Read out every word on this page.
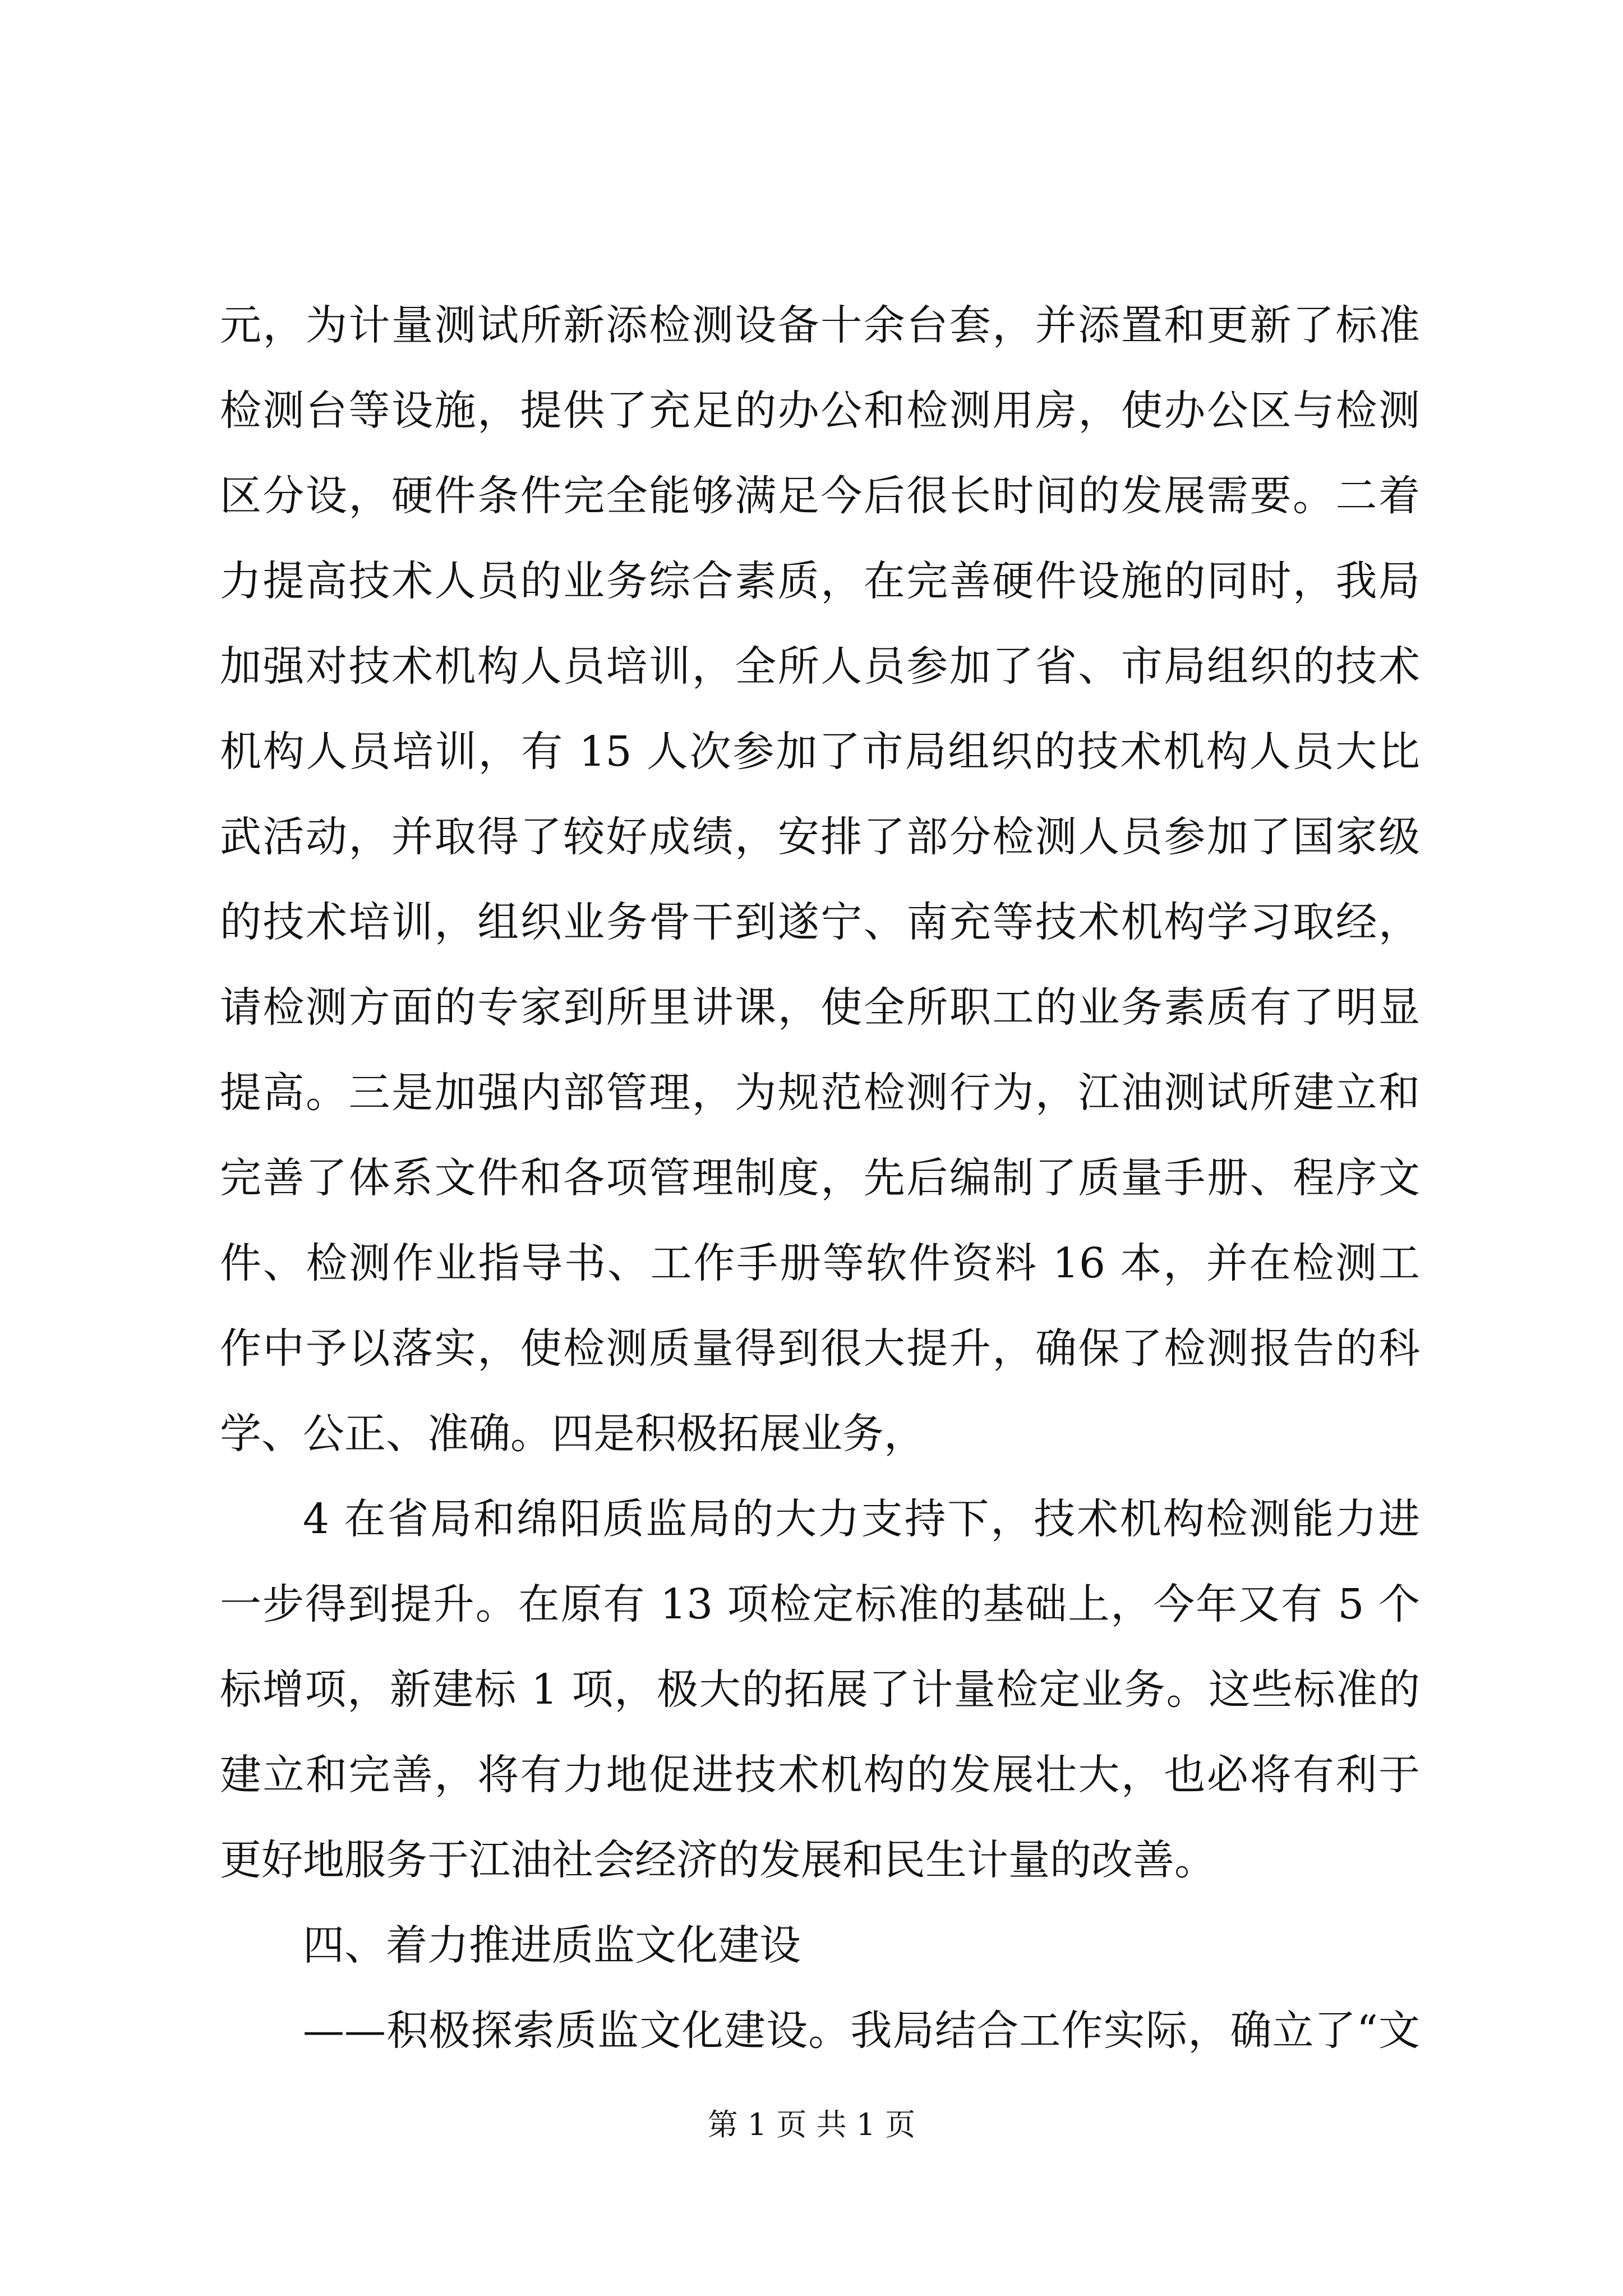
元，为计量测试所新添检测设备十余台套，并添置和更新了标准
检测台等设施，提供了充足的办公和检测用房，使办公区与检测
区分设，硬件条件完全能够满足今后很长时间的发展需要。二着
力提高技术人员的业务综合素质，在完善硬件设施的同时，我局
加强对技术机构人员培训，全所人员参加了省、市局组织的技术
机构人员培训，有 15 人次参加了市局组织的技术机构人员大比
武活动，并取得了较好成绩，安排了部分检测人员参加了国家级
的技术培训，组织业务骨干到遂宁、南充等技术机构学习取经，
请检测方面的专家到所里讲课，使全所职工的业务素质有了明显
提高。三是加强内部管理，为规范检测行为，江油测试所建立和
完善了体系文件和各项管理制度，先后编制了质量手册、程序文
件、检测作业指导书、工作手册等软件资料 16 本，并在检测工
作中予以落实，使检测质量得到很大提升，确保了检测报告的科
学、公正、准确。四是积极拓展业务，
4 在省局和绵阳质监局的大力支持下，技术机构检测能力进
一步得到提升。在原有 13 项检定标准的基础上，今年又有 5 个
标增项，新建标 1 项，极大的拓展了计量检定业务。这些标准的
建立和完善，将有力地促进技术机构的发展壮大，也必将有利于
更好地服务于江油社会经济的发展和民生计量的改善。
四、着力推进质监文化建设
——积极探索质监文化建设。我局结合工作实际，确立了“文
第 1 页 共 1 页
